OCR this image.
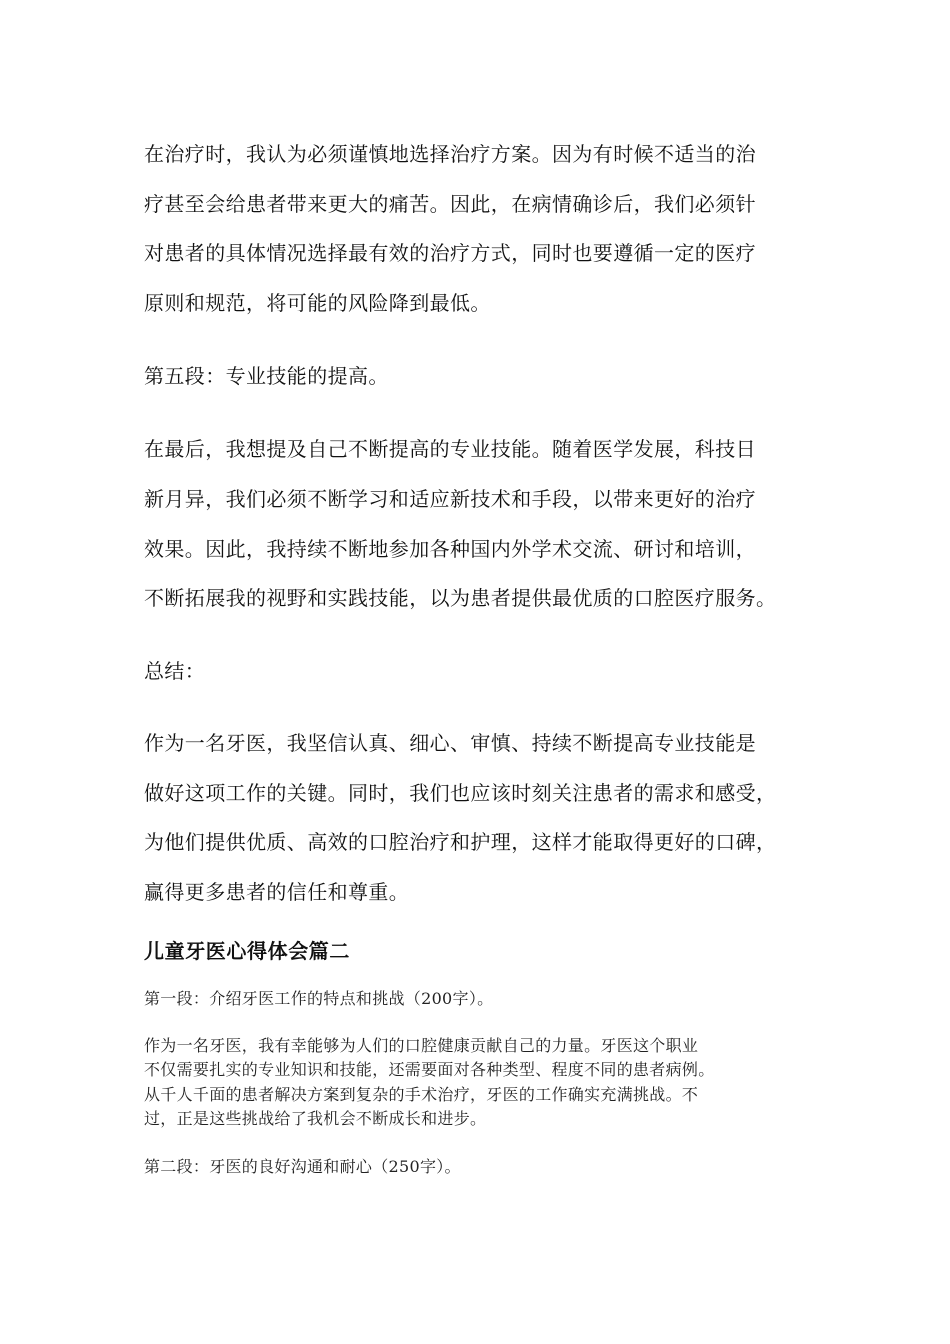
在治疗时，我认为必须谨慎地选择治疗方案。因为有时候不适当的治

疗甚至会给患者带来更大的痛苦。因此，在病情确诊后，我们必须针

对患者的具体情况选择最有效的治疗方式，同时也要遵循一定的医疗

原则和规范，将可能的风险降到最低。

第五段：专业技能的提高。

在最后，我想提及自己不断提高的专业技能。随着医学发展，科技日

新月异，我们必须不断学习和适应新技术和手段，以带来更好的治疗

效果。因此，我持续不断地参加各种国内外学术交流、研讨和培训，

不断拓展我的视野和实践技能，以为患者提供最优质的口腔医疗服务。

总结：

作为一名牙医，我坚信认真、细心、审慎、持续不断提高专业技能是

做好这项工作的关键。同时，我们也应该时刻关注患者的需求和感受，

为他们提供优质、高效的口腔治疗和护理，这样才能取得更好的口碑，

赢得更多患者的信任和尊重。

儿童牙医心得体会篇二

第一段：介绍牙医工作的特点和挑战（200字）。

作为一名牙医，我有幸能够为人们的口腔健康贡献自己的力量。牙医这个职业

不仅需要扎实的专业知识和技能，还需要面对各种类型、程度不同的患者病例。

从千人千面的患者解决方案到复杂的手术治疗，牙医的工作确实充满挑战。不

过，正是这些挑战给了我机会不断成长和进步。

第二段：牙医的良好沟通和耐心（250字）。
